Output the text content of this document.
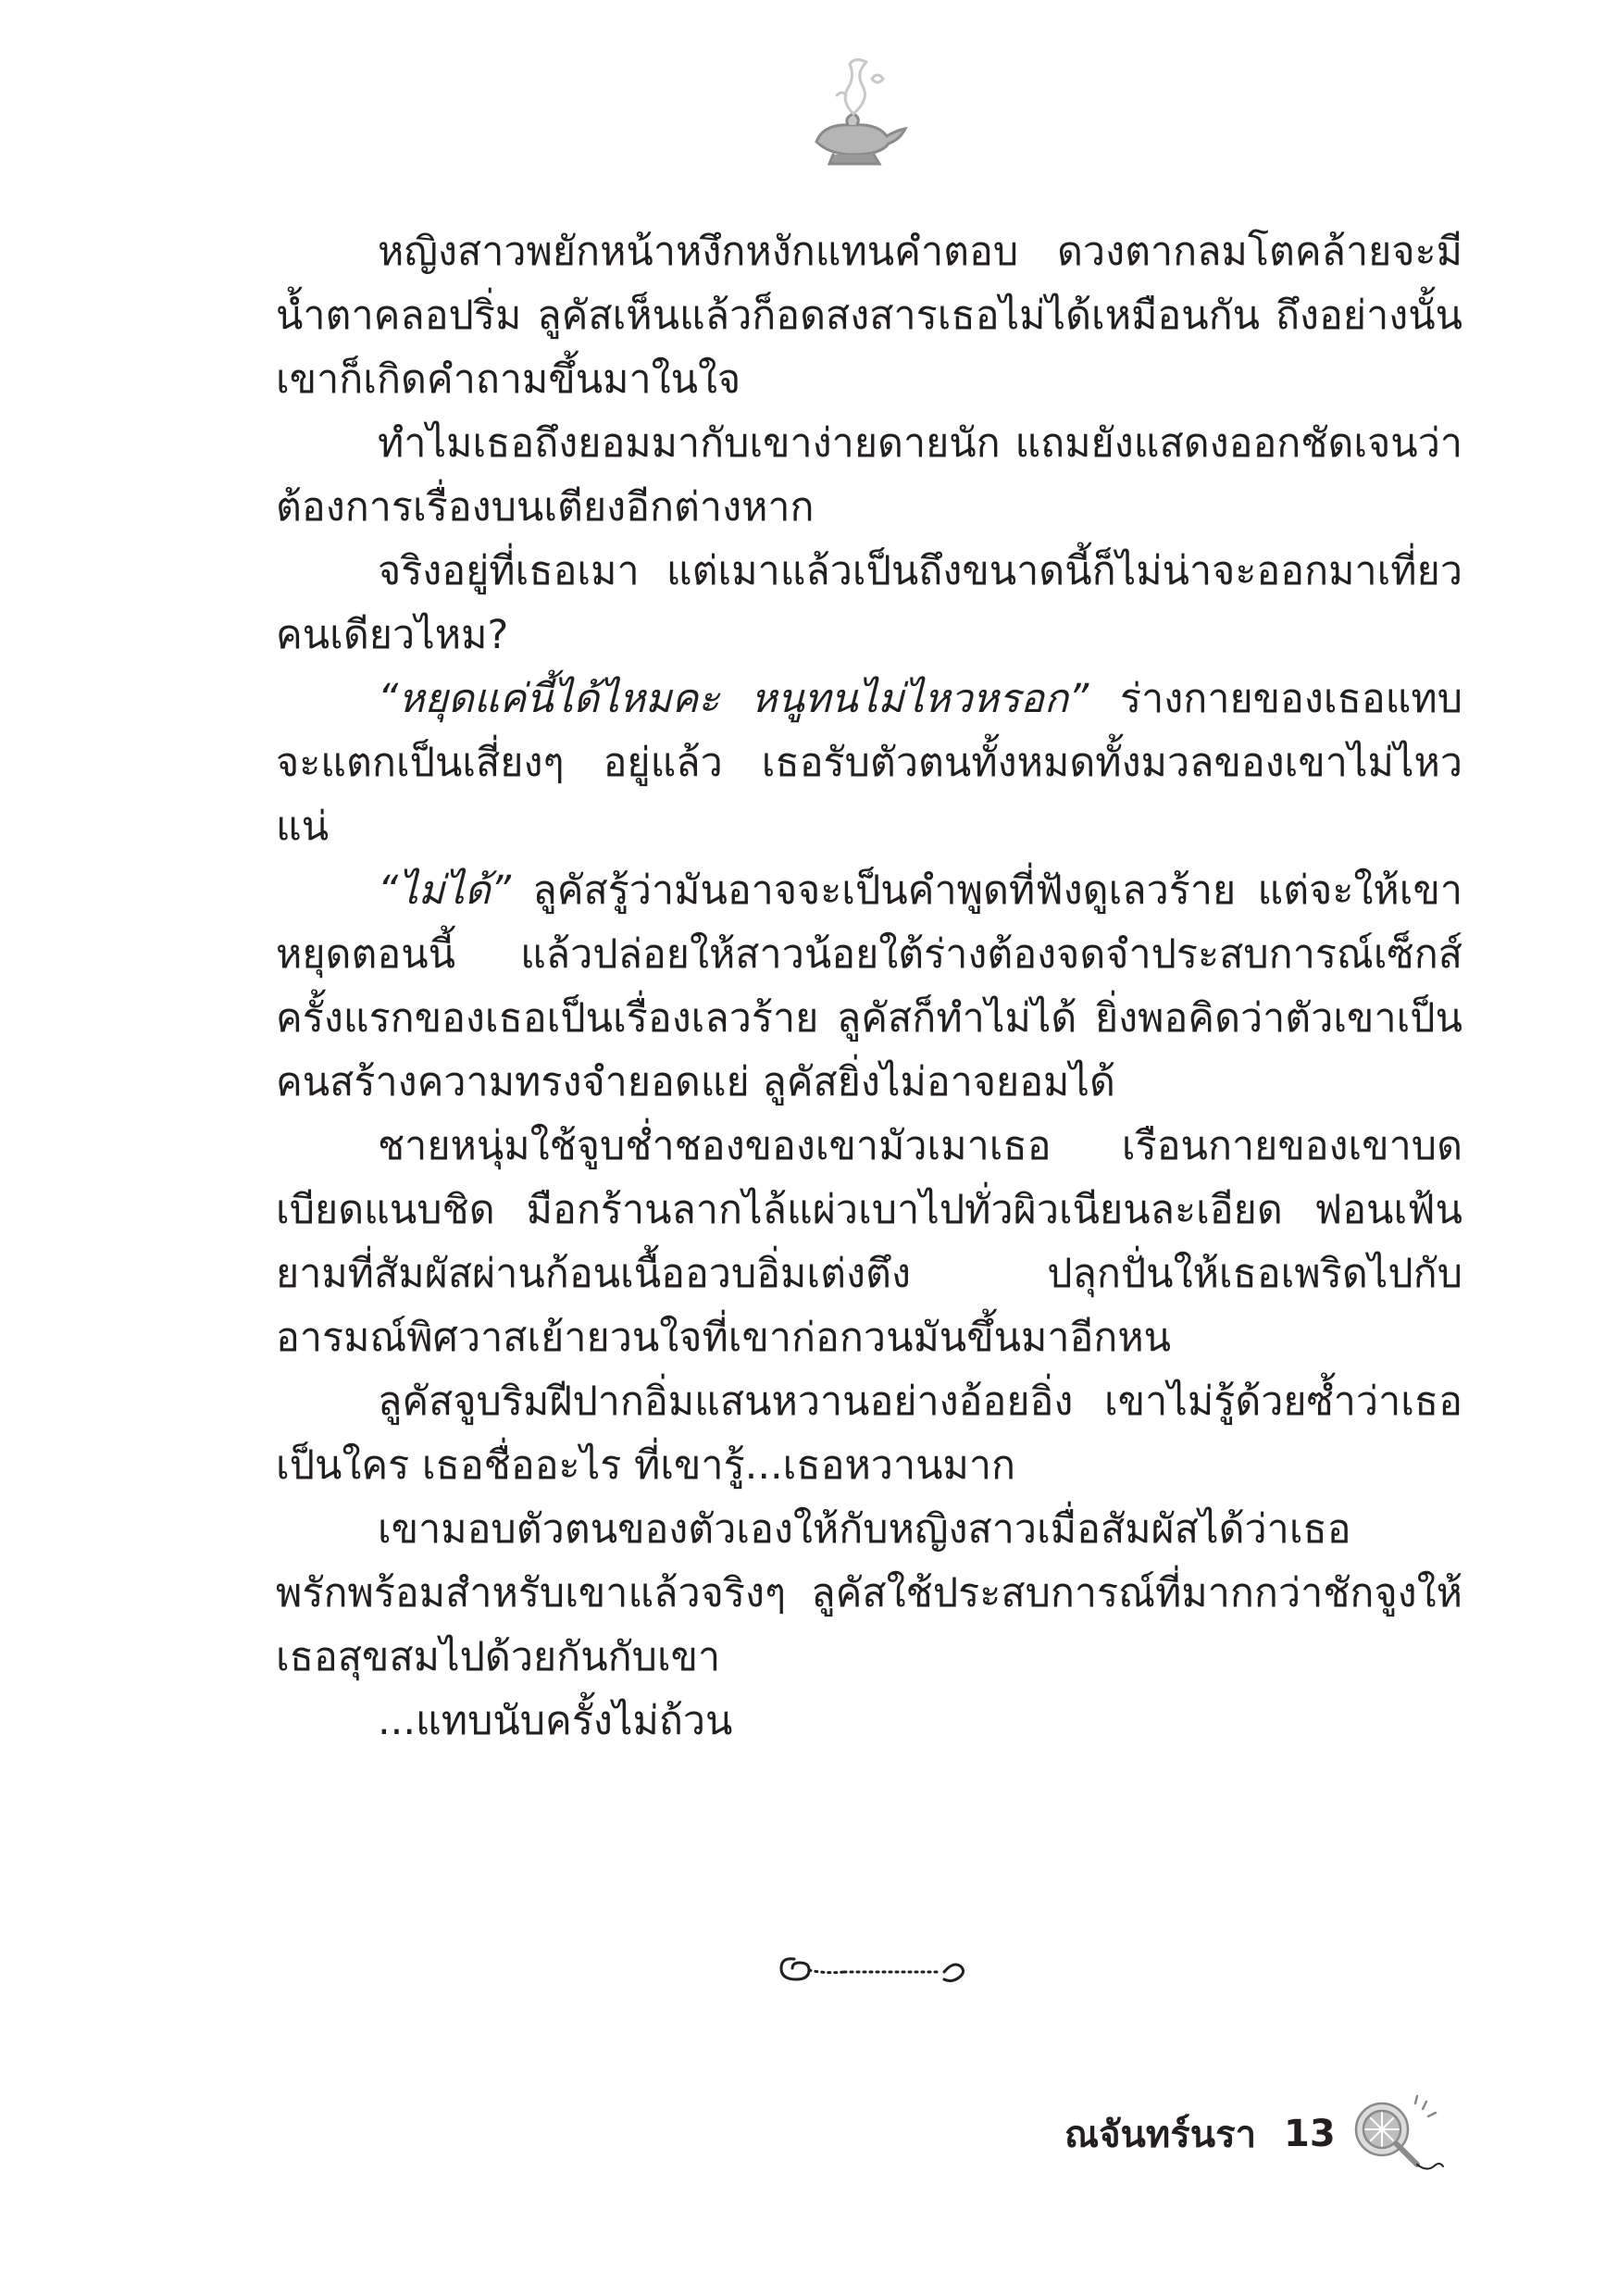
หญิงสาวพยักหน้าหงึกหงักแทนคำตอบ ดวงตากลมโตคล้ายจะมีน้ำตาคลอปริ่ม ลูคัสเห็นแล้วก็อดสงสารเธอไม่ได้เหมือนกัน ถึงอย่างนั้นเขาก็เกิดคำถามขึ้นมาในใจ

ทำไมเธอถึงยอมมากับเขาง่ายดายนัก แถมยังแสดงออกชัดเจนว่าต้องการเรื่องบนเตียงอีกต่างหาก

จริงอยู่ที่เธอเมา แต่เมาแล้วเป็นถึงขนาดนี้ก็ไม่น่าจะออกมาเที่ยวคนเดียวไหม?

“หยุดแค่นี้ได้ไหมคะ หนูทนไม่ไหวหรอก” ร่างกายของเธอแทบจะแตกเป็นเสี่ยงๆ อยู่แล้ว เธอรับตัวตนทั้งหมดทั้งมวลของเขาไม่ไหวแน่

“ไม่ได้” ลูคัสรู้ว่ามันอาจจะเป็นคำพูดที่ฟังดูเลวร้าย แต่จะให้เขาหยุดตอนนี้ แล้วปล่อยให้สาวน้อยใต้ร่างต้องจดจำประสบการณ์เซ็กส์ครั้งแรกของเธอเป็นเรื่องเลวร้าย ลูคัสก็ทำไม่ได้ ยิ่งพอคิดว่าตัวเขาเป็นคนสร้างความทรงจำยอดแย่ ลูคัสยิ่งไม่อาจยอมได้

ชายหนุ่มใช้จูบช่ำชองของเขามัวเมาเธอ เรือนกายของเขาบดเบียดแนบชิด มือกร้านลากไล้แผ่วเบาไปทั่วผิวเนียนละเอียด ฟอนเฟ้นยามที่สัมผัสผ่านก้อนเนื้ออวบอิ่มเต่งตึง ปลุกปั่นให้เธอเพริดไปกับอารมณ์พิศวาสเย้ายวนใจที่เขาก่อกวนมันขึ้นมาอีกหน

ลูคัสจูบริมฝีปากอิ่มแสนหวานอย่างอ้อยอิ่ง เขาไม่รู้ด้วยซ้ำว่าเธอเป็นใคร เธอชื่ออะไร ที่เขารู้...เธอหวานมาก

เขามอบตัวตนของตัวเองให้กับหญิงสาวเมื่อสัมผัสได้ว่าเธอพรักพร้อมสำหรับเขาแล้วจริงๆ ลูคัสใช้ประสบการณ์ที่มากกว่าชักจูงให้เธอสุขสมไปด้วยกันกับเขา

...แทบนับครั้งไม่ถ้วน

ณจันทร์นรา 13
